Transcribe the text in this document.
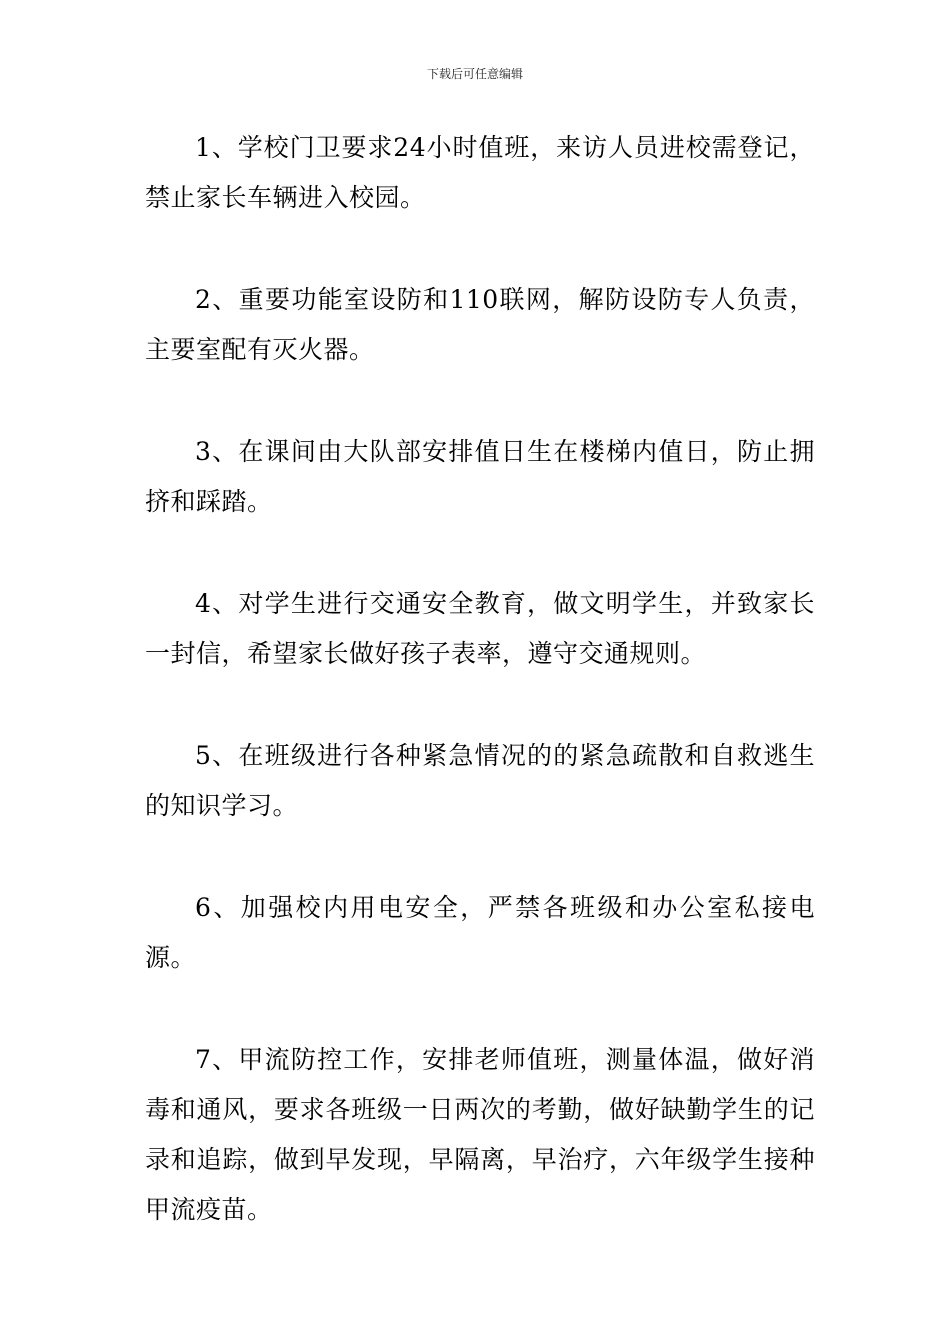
下载后可任意编辑

1、学校门卫要求24小时值班，来访人员进校需登记，禁止家长车辆进入校园。

2、重要功能室设防和110联网，解防设防专人负责，主要室配有灭火器。

3、在课间由大队部安排值日生在楼梯内值日，防止拥挤和踩踏。

4、对学生进行交通安全教育，做文明学生，并致家长一封信，希望家长做好孩子表率，遵守交通规则。

5、在班级进行各种紧急情况的的紧急疏散和自救逃生的知识学习。

6、加强校内用电安全，严禁各班级和办公室私接电源。

7、甲流防控工作，安排老师值班，测量体温，做好消毒和通风，要求各班级一日两次的考勤，做好缺勤学生的记录和追踪，做到早发现，早隔离，早治疗，六年级学生接种甲流疫苗。
